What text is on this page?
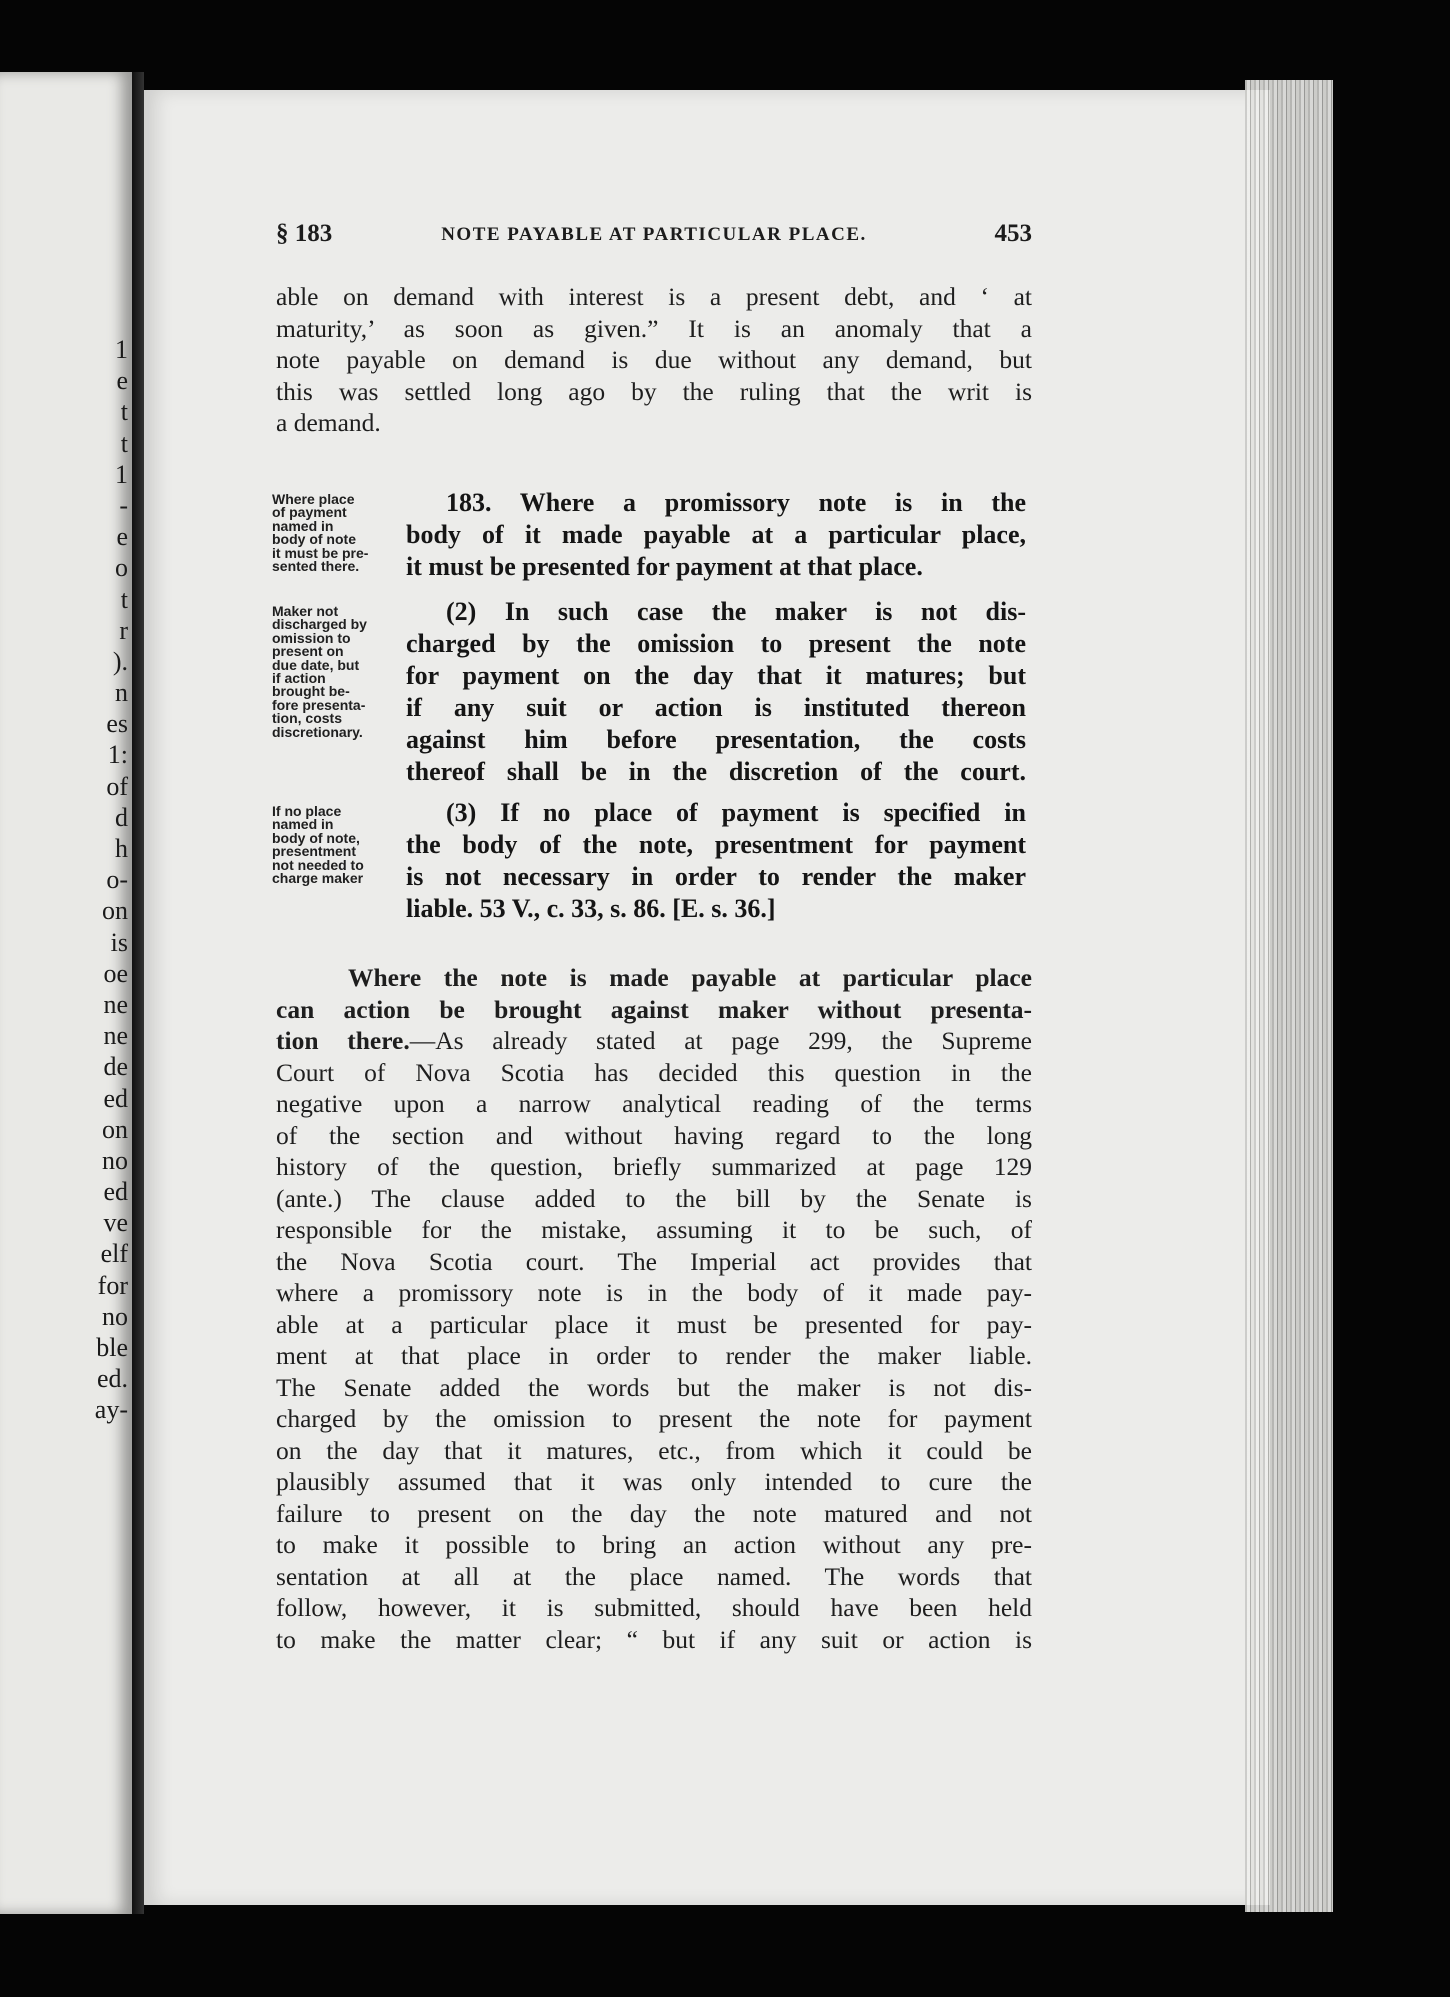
1
e
t
t
1
-
e
o
t
r
).
n
es
1:
of
d
h
o-
on
is
oe
ne
ne
de
ed
on
no
ed
ve
elf
for
no
ble
ed.
ay-
§ 183	NOTE PAYABLE AT PARTICULAR PLACE.	453
able on demand with interest is a present debt, and ‘ at
maturity,’ as soon as given.” It is an anomaly that a
note payable on demand is due without any demand, but
this was settled long ago by the ruling that the writ is
a demand.
Where place
of payment
named in
body of note
it must be pre-
sented there.
Maker not
discharged by
omission to
present on
due date, but
if action
brought be-
fore presenta-
tion, costs
discretionary.
If no place
named in
body of note,
presentment
not needed to
charge maker
183. Where a promissory note is in the
body of it made payable at a particular place,
it must be presented for payment at that place.
(2) In such case the maker is not dis-
charged by the omission to present the note
for payment on the day that it matures; but
if any suit or action is instituted thereon
against him before presentation, the costs
thereof shall be in the discretion of the court.
(3) If no place of payment is specified in
the body of the note, presentment for payment
is not necessary in order to render the maker
liable. 53 V., c. 33, s. 86. [E. s. 36.]
Where the note is made payable at particular place
can action be brought against maker without presenta-
tion there.—As already stated at page 299, the Supreme
Court of Nova Scotia has decided this question in the
negative upon a narrow analytical reading of the terms
of the section and without having regard to the long
history of the question, briefly summarized at page 129
(ante.) The clause added to the bill by the Senate is
responsible for the mistake, assuming it to be such, of
the Nova Scotia court. The Imperial act provides that
where a promissory note is in the body of it made pay-
able at a particular place it must be presented for pay-
ment at that place in order to render the maker liable.
The Senate added the words but the maker is not dis-
charged by the omission to present the note for payment
on the day that it matures, etc., from which it could be
plausibly assumed that it was only intended to cure the
failure to present on the day the note matured and not
to make it possible to bring an action without any pre-
sentation at all at the place named. The words that
follow, however, it is submitted, should have been held
to make the matter clear; “ but if any suit or action is
